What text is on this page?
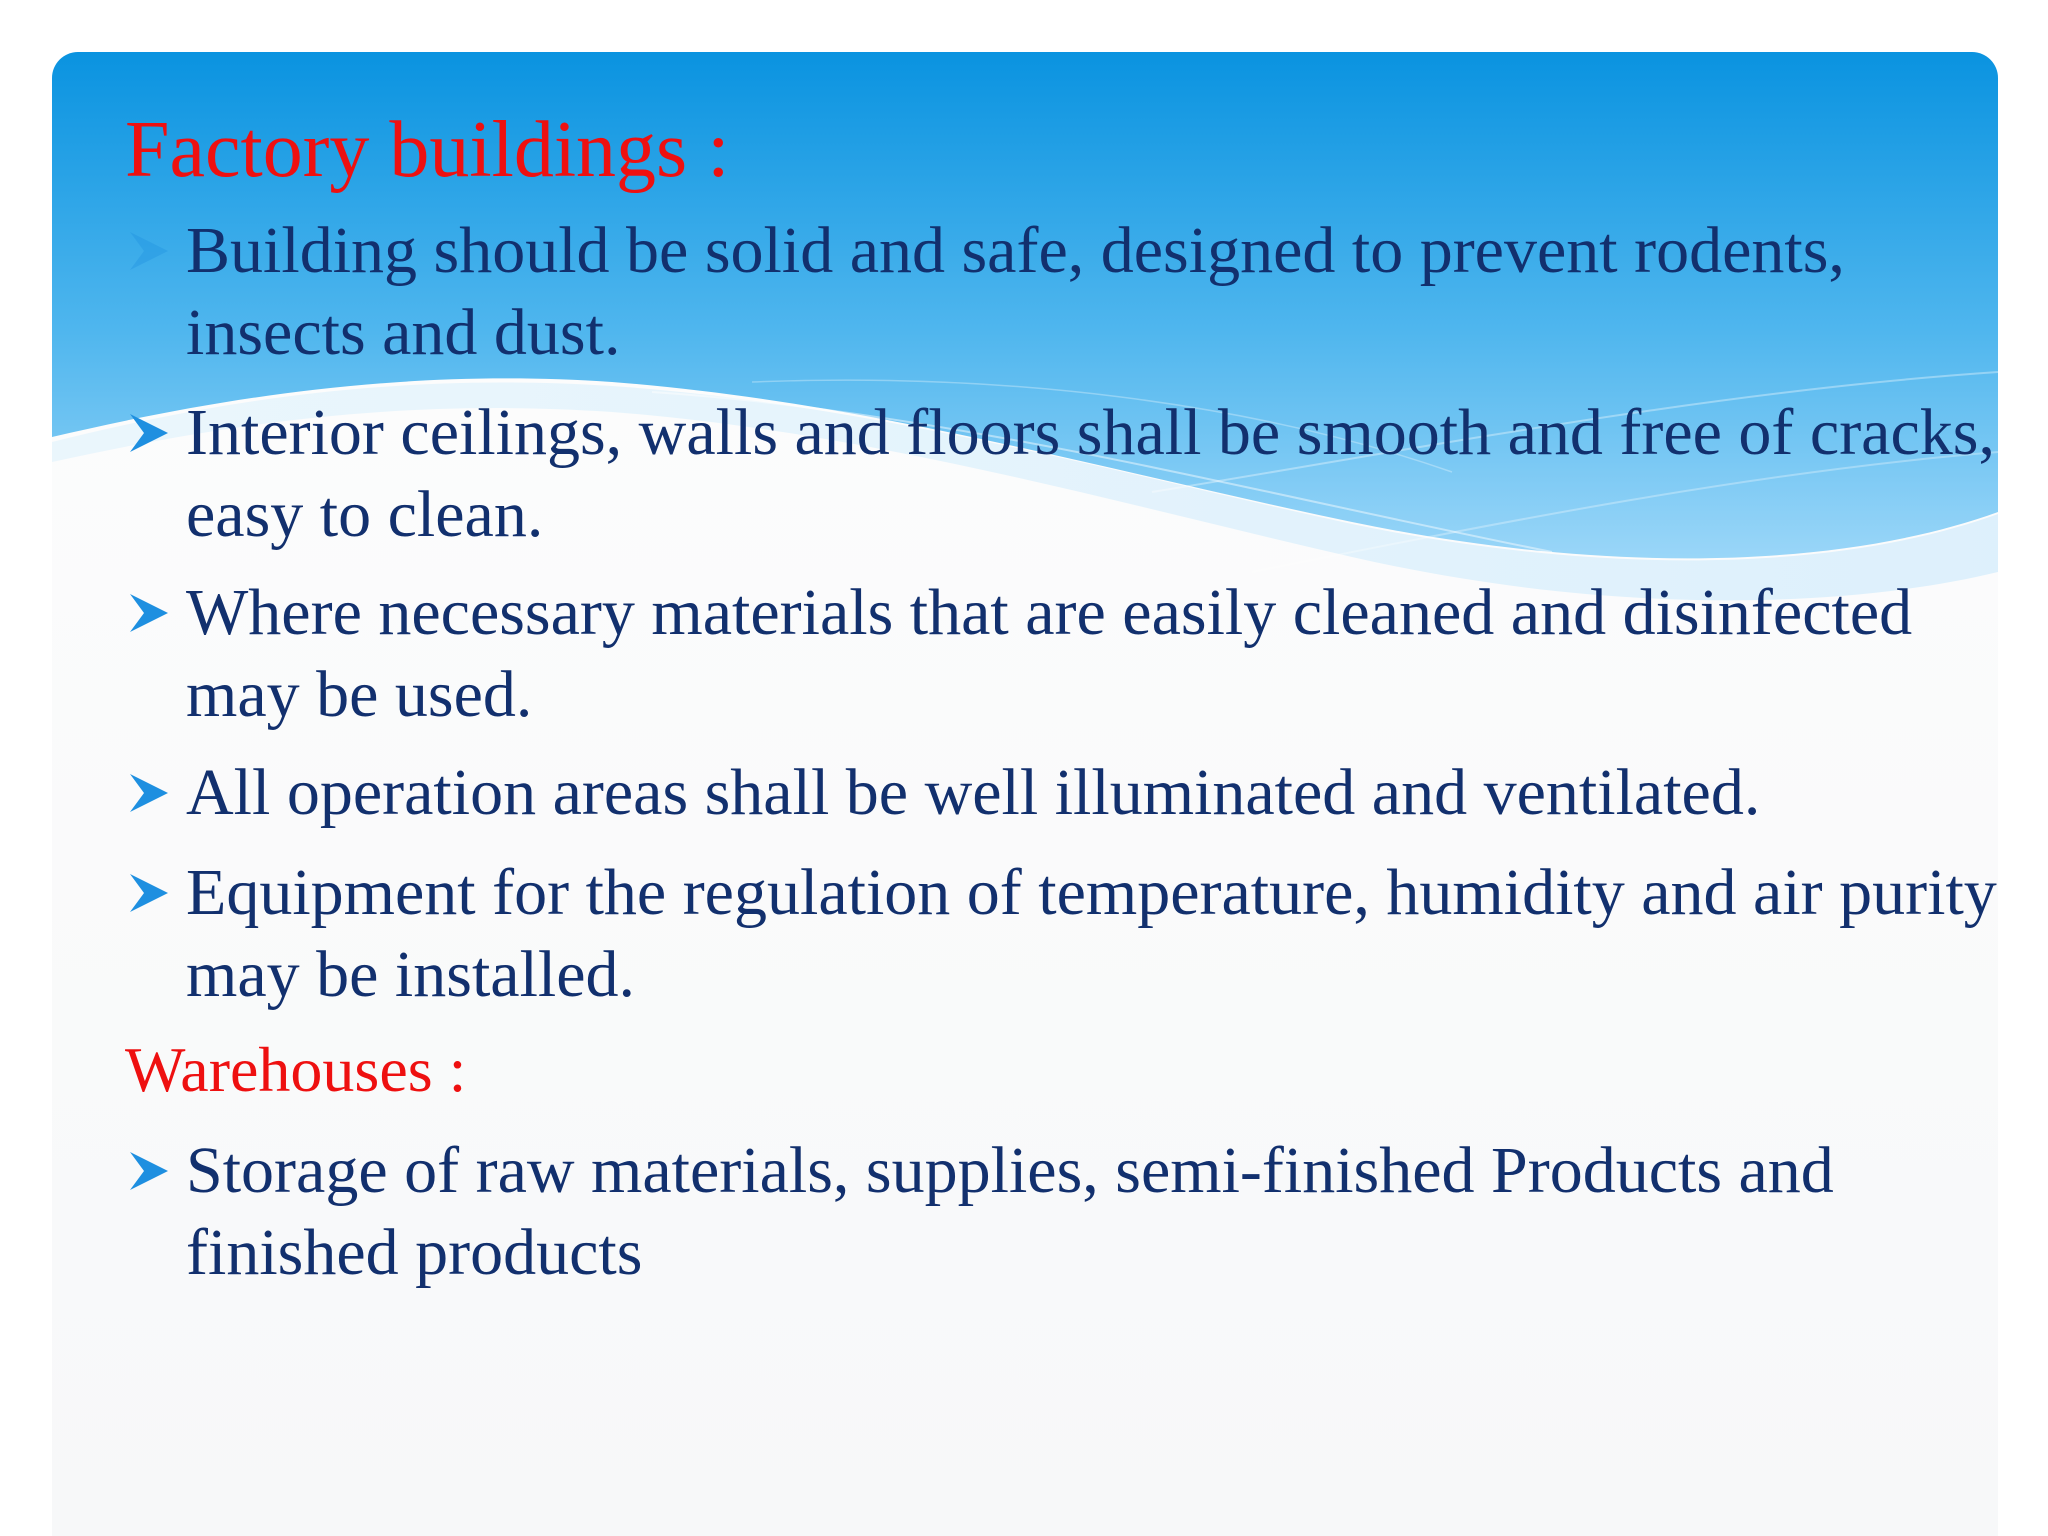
Factory buildings :
Building should be solid and safe, designed to prevent rodents, insects and dust.
Interior ceilings, walls and floors shall be smooth and free of cracks, easy to clean.
Where necessary materials that are easily cleaned and disinfected may be used.
All operation areas shall be well illuminated and ventilated.
Equipment for the regulation of temperature, humidity and air purity may be installed.
Warehouses :
Storage of raw materials, supplies, semi-finished Products and finished products
